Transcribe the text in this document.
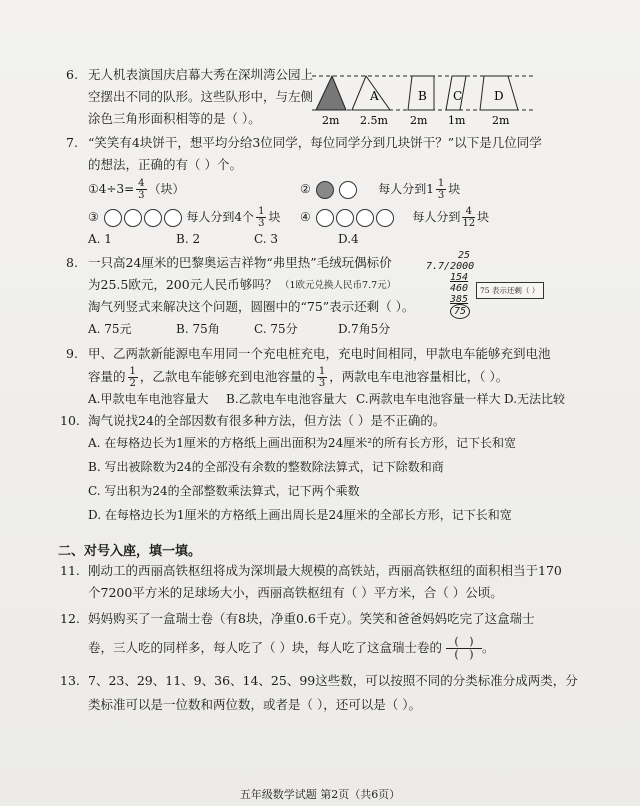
6. 无人机表演国庆启幕大秀在深圳湾公园上
空摆出不同的队形。这些队形中，与左侧
涂色三角形面积相等的是（ ）。
A	B C	D
2m 2.5m 2m 1m 2m
7. “笑笑有4块饼干，想平均分给3位同学，每位同学分到几块饼干？”以下是几位同学
的想法，正确的有（ ）个。
①4÷3= $\frac{4}{3}$ （块）	②	每人分到$1 \frac{1}{3}$ 块
③	每人分到4个 $\frac{1}{3}$ 块 ④	每人分到 $\frac{4}{12}$ 块
A. 1	B. 2	C. 3	D.4
8. 一只高24厘米的巴黎奥运吉祥物“弗里热”毛绒玩偶标价
为25.5欧元，200元人民币够吗？ （1欧元兑换人民币7.7元）
淘气列竖式来解决这个问题，圆圈中的“75”表示还剩（ ）。
25
7.7/2000
154
460
385
75
75 表示还剩（ ）
A. 75元	B. 75角	C. 75分	D.7角5分
9. 甲、乙两款新能源电车用同一个充电桩充电，充电时间相同，甲款电车能够充到电池
容量的 $\frac{1}{2}$ ，乙款电车能够充到电池容量的 $\frac{1}{3}$ ，两款电车电池容量相比，（ ）。
A.甲款电车电池容量大 B.乙款电车电池容量大 C.两款电车电池容量一样大 D.无法比较
10. 淘气说找24的全部因数有很多种方法，但方法（ ）是不正确的。
A. 在每格边长为1厘米的方格纸上画出面积为24厘米²的所有长方形，记下长和宽
B. 写出被除数为24的全部没有余数的整数除法算式，记下除数和商
C. 写出积为24的全部整数乘法算式，记下两个乘数
D. 在每格边长为1厘米的方格纸上画出周长是24厘米的全部长方形，记下长和宽
二、对号入座，填一填。
11. 刚动工的西丽高铁枢纽将成为深圳最大规模的高铁站，西丽高铁枢纽的面积相当于170
个7200平方米的足球场大小，西丽高铁枢纽有（ ）平方米，合（ ）公顷。
12. 妈妈购买了一盒瑞士卷（有8块，净重0.6千克）。笑笑和爸爸妈妈吃完了这盒瑞士
卷，三人吃的同样多，每人吃了（ ）块，每人吃了这盒瑞士卷的	(   )
(   ) 。
13. 7、23、29、11、9、36、14、25、99这些数，可以按照不同的分类标准分成两类，分
类标准可以是一位数和两位数，或者是（ ），还可以是（ ）。
五年级数学试题 第2页（共6页）
